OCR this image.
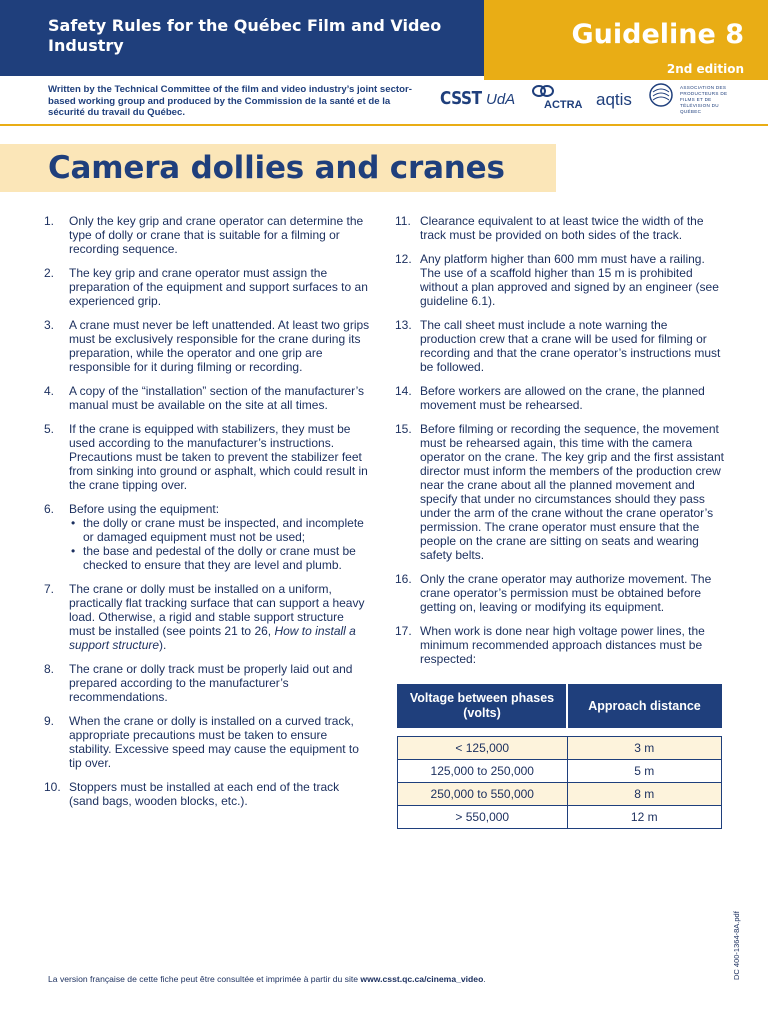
Safety Rules for the Québec Film and Video Industry	Guideline 8
2nd edition
Written by the Technical Committee of the film and video industry’s joint sector-based working group and produced by the Commission de la santé et de la sécurité du travail du Québec.
CSST UdA	ACTRA aqtis
ASSOCIATION DES PRODUCTEURS DE FILMS ET DE TÉLÉVISION DU QUÉBEC
Camera dollies and cranes
1. Only the key grip and crane operator can determine the type of dolly or crane that is suitable for a filming or recording sequence.
2. The key grip and crane operator must assign the preparation of the equipment and support surfaces to an experienced grip.
3. A crane must never be left unattended. At least two grips must be exclusively responsible for the crane during its preparation, while the operator and one grip are responsible for it during filming or recording.
4. A copy of the “installation” section of the manufacturer’s manual must be available on the site at all times.
5. If the crane is equipped with stabilizers, they must be used according to the manufacturer’s instructions. Precautions must be taken to prevent the stabilizer feet from sinking into ground or asphalt, which could result in the crane tipping over.
6. Before using the equipment:
• the dolly or crane must be inspected, and incomplete or damaged equipment must not be used;
• the base and pedestal of the dolly or crane must be checked to ensure that they are level and plumb.
7. The crane or dolly must be installed on a uniform, practically flat tracking surface that can support a heavy load. Otherwise, a rigid and stable support structure must be installed (see points 21 to 26, How to install a support structure).
8. The crane or dolly track must be properly laid out and prepared according to the manufacturer’s recommendations.
9. When the crane or dolly is installed on a curved track, appropriate precautions must be taken to ensure stability. Excessive speed may cause the equipment to tip over.
10. Stoppers must be installed at each end of the track (sand bags, wooden blocks, etc.).
11. Clearance equivalent to at least twice the width of the track must be provided on both sides of the track.
12. Any platform higher than 600 mm must have a railing. The use of a scaffold higher than 15 m is prohibited without a plan approved and signed by an engineer (see guideline 6.1).
13. The call sheet must include a note warning the production crew that a crane will be used for filming or recording and that the crane operator’s instructions must be followed.
14. Before workers are allowed on the crane, the planned movement must be rehearsed.
15. Before filming or recording the sequence, the movement must be rehearsed again, this time with the camera operator on the crane. The key grip and the first assistant director must inform the members of the production crew near the crane about all the planned movement and specify that under no circumstances should they pass under the arm of the crane without the crane operator’s permission. The crane operator must ensure that the people on the crane are sitting on seats and wearing safety belts.
16. Only the crane operator may authorize movement. The crane operator’s permission must be obtained before getting on, leaving or modifying its equipment.
17. When work is done near high voltage power lines, the minimum recommended approach distances must be respected:
Voltage between phases (volts)	Approach distance

< 125,000	3 m
125,000 to 250,000	5 m
250,000 to 550,000	8 m
> 550,000	12 m
La version française de cette fiche peut être consultée et imprimée à partir du site www.csst.qc.ca/cinema_video.	DC 400-1364-8A.pdf
